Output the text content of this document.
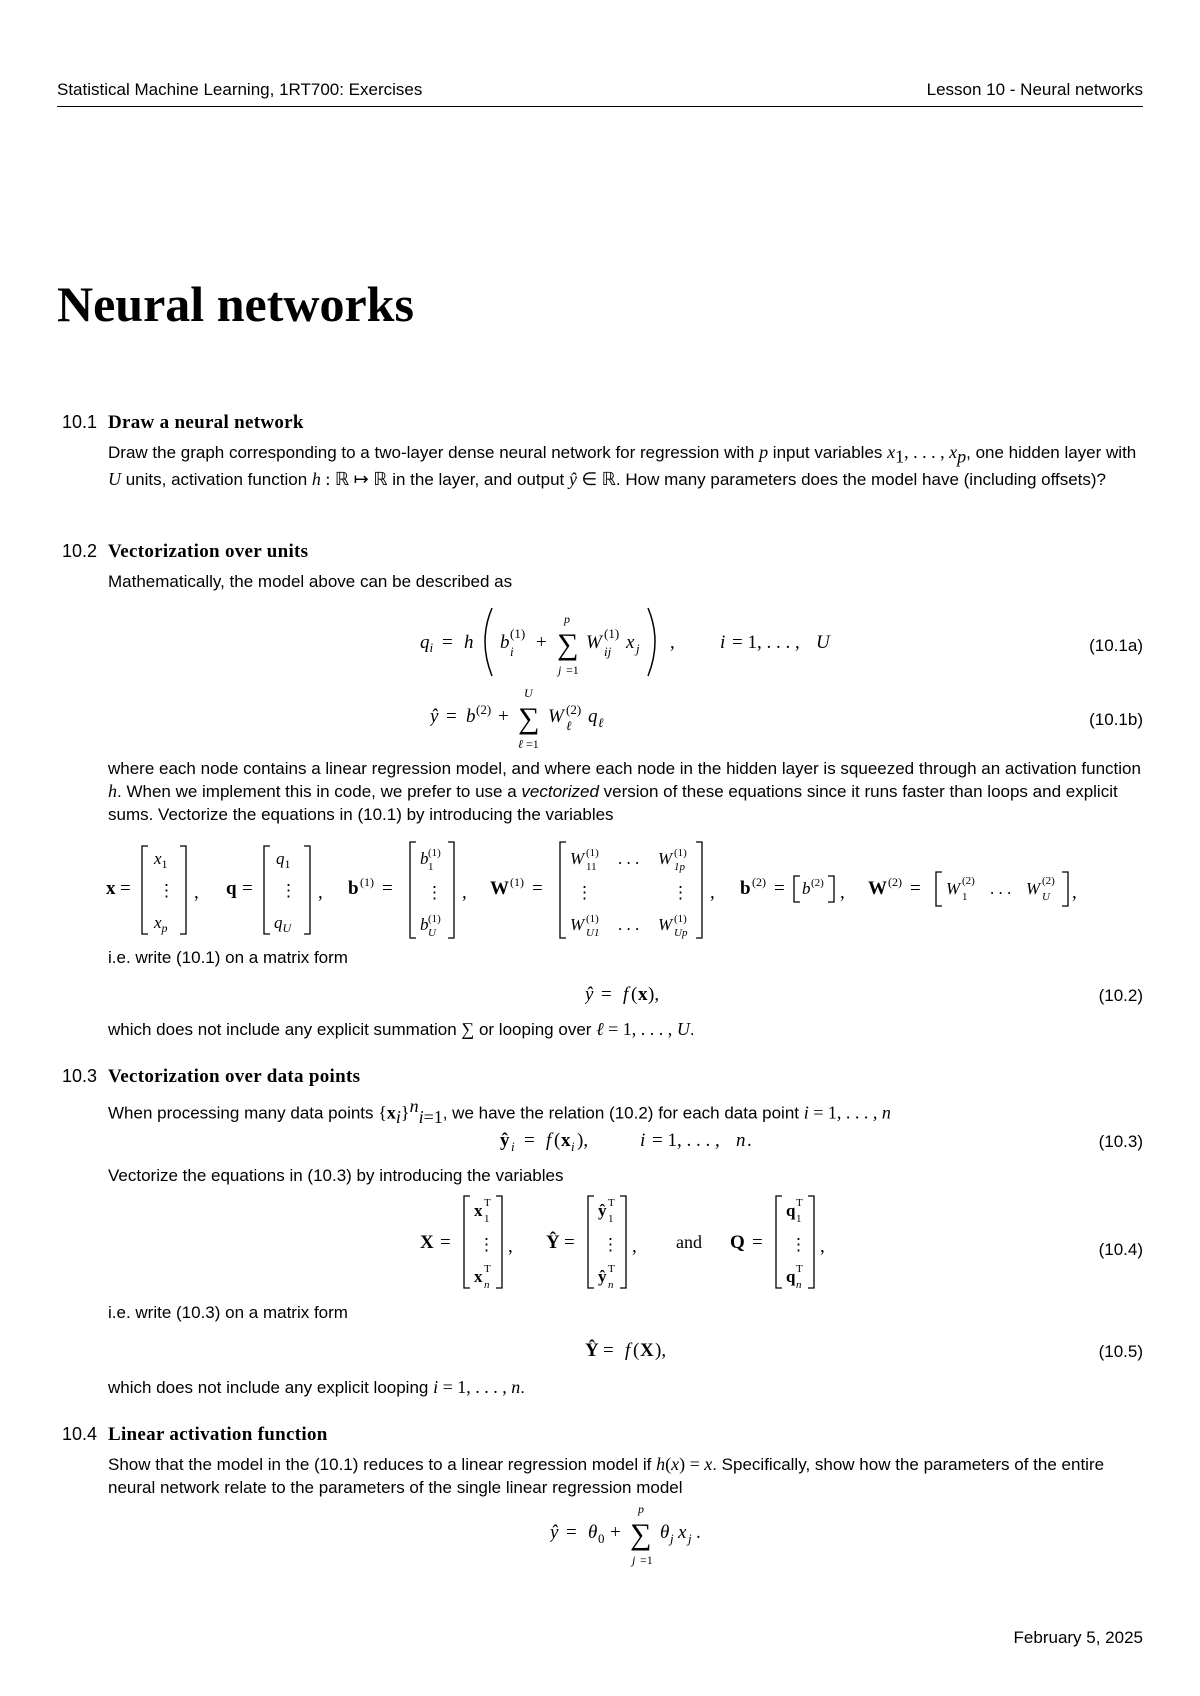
Statistical Machine Learning, 1RT700: Exercises	Lesson 10 - Neural networks
Neural networks
10.1 Draw a neural network
Draw the graph corresponding to a two-layer dense neural network for regression with p input variables $x_1$, . . . , $x_p$, one hidden layer with U units, activation function h : ℝ ↦ ℝ in the layer, and output ŷ ∈ ℝ. How many parameters does the model have (including offsets)?
10.2 Vectorization over units
Mathematically, the model above can be described as
$q_i = h$ b (1)
i + ∑
p
j =1
W (1)
ij x j , i = 1, . . . , U	(10.1a)
ŷ = b (2) + ∑
U
ℓ =1
W (2)
ℓ q ℓ	(10.1b)
where each node contains a linear regression model, and where each node in the hidden layer is squeezed through an activation function h. When we implement this in code, we prefer to use a vectorized version of these equations since it runs faster than loops and explicit sums. Vectorize the equations in (10.1) by introducing the variables
x =
$x_1$
⋮
$x_p$
, q =
$q_1$
⋮
$q_U$
, b (1) =
b (1)
1
⋮
b (1)
U
, W (1) =
W (1)
11 . . . W (1)
1p
⋮	⋮
W (1)
U1 . . . W (1)
Up
, b (2) = b (2) , W (2) = W (2)
1 . . . W (2)
U ,
i.e. write (10.1) on a matrix form
ŷ = f ( x ),	(10.2)
which does not include any explicit summation ∑ or looping over ℓ = 1, . . . , U.
10.3 Vectorization over data points
When processing many data points $\{x_i\}^n_{i=1}$, we have the relation (10.2) for each data point i = 1, . . . , n
ŷ i = f ( x i ),	i = 1, . . . , n .	(10.3)
Vectorize the equations in (10.3) by introducing the variables
X =
x T
1
⋮
x T
n
, Ŷ =
ŷ T
1
⋮
ŷ T
n
, and Q =
q T
1
⋮
q T
n
,	(10.4)
i.e. write (10.3) on a matrix form
Ŷ = f ( X ),	(10.5)
which does not include any explicit looping i = 1, . . . , n.
10.4 Linear activation function
Show that the model in the (10.1) reduces to a linear regression model if h(x) = x. Specifically, show how the parameters of the entire neural network relate to the parameters of the single linear regression model
ŷ = θ 0 + ∑
p
j =1
θ j x j .
February 5, 2025
